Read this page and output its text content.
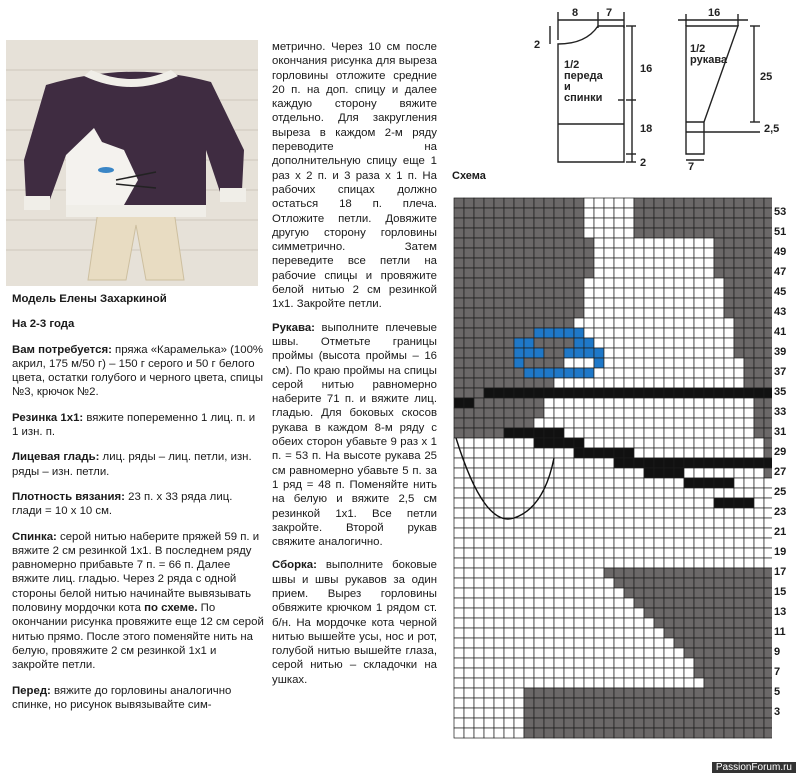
Модель Елены Захаркиной

На 2-3 года

Вам потребуется: пряжа «Карамелька» (100% акрил, 175 м/50 г) – 150 г серого и 50 г белого цвета, остатки голубого и черного цвета, спицы №3, крючок №2.

Резинка 1х1: вяжите попеременно 1 лиц. п. и 1 изн. п.

Лицевая гладь: лиц. ряды – лиц. петли, изн. ряды – изн. петли.

Плотность вязания: 23 п. х 33 ряда лиц. глади = 10 х 10 см.

Спинка: серой нитью наберите пряжей 59 п. и вяжите 2 см резинкой 1х1. В последнем ряду равномерно прибавьте 7 п. = 66 п. Далее вяжите лиц. гладью. Через 2 ряда с одной стороны белой нитью начинайте вывязывать половину мордочки кота по схеме. По окончании рисунка провяжите еще 12 см серой нитью прямо. После этого поменяйте нить на белую, провяжите 2 см резинкой 1х1 и закройте петли.

Перед: вяжите до горловины аналогично спинке, но рисунок вывязывайте сим-

метрично. Через 10 см после окончания рисунка для выреза горловины отложите средние 20 п. на доп. спицу и далее каждую сторону вяжите отдельно. Для закругления выреза в каждом 2-м ряду переводите на дополнительную спицу еще 1 раз х 2 п. и 3 раза х 1 п. На рабочих спицах должно остаться 18 п. плеча. Отложите петли. Довяжите другую сторону горловины симметрично. Затем переведите все петли на рабочие спицы и провяжите белой нитью 2 см резинкой 1х1. Закройте петли.

Рукава: выполните плечевые швы. Отметьте границы проймы (высота проймы – 16 см). По краю проймы на спицы серой нитью равномерно наберите 71 п. и вяжите лиц. гладью. Для боковых скосов рукава в каждом 8-м ряду с обеих сторон убавьте 9 раз х 1 п. = 53 п. На высоте рукава 25 см равномерно убавьте 5 п. за 1 ряд = 48 п. Поменяйте нить на белую и вяжите 2,5 см резинкой 1х1. Все петли закройте. Второй рукав свяжите аналогично.

Сборка: выполните боковые швы и швы рукавов за один прием. Вырез горловины обвяжите крючком 1 рядом ст. б/н. На мордочке кота черной нитью вышейте усы, нос и рот, голубой нитью вышейте глаза, серой нитью – складочки на ушках.

8	7
2
1/2 переда и спинки
16
18
2
16
1/2 рукава
25
2,5
7
Схема
53
51
49
47
45
43
41
39
37
35
33
31
29
27
25
23
21
19
17
15
13
11
9
7
5
3
PassionForum.ru
